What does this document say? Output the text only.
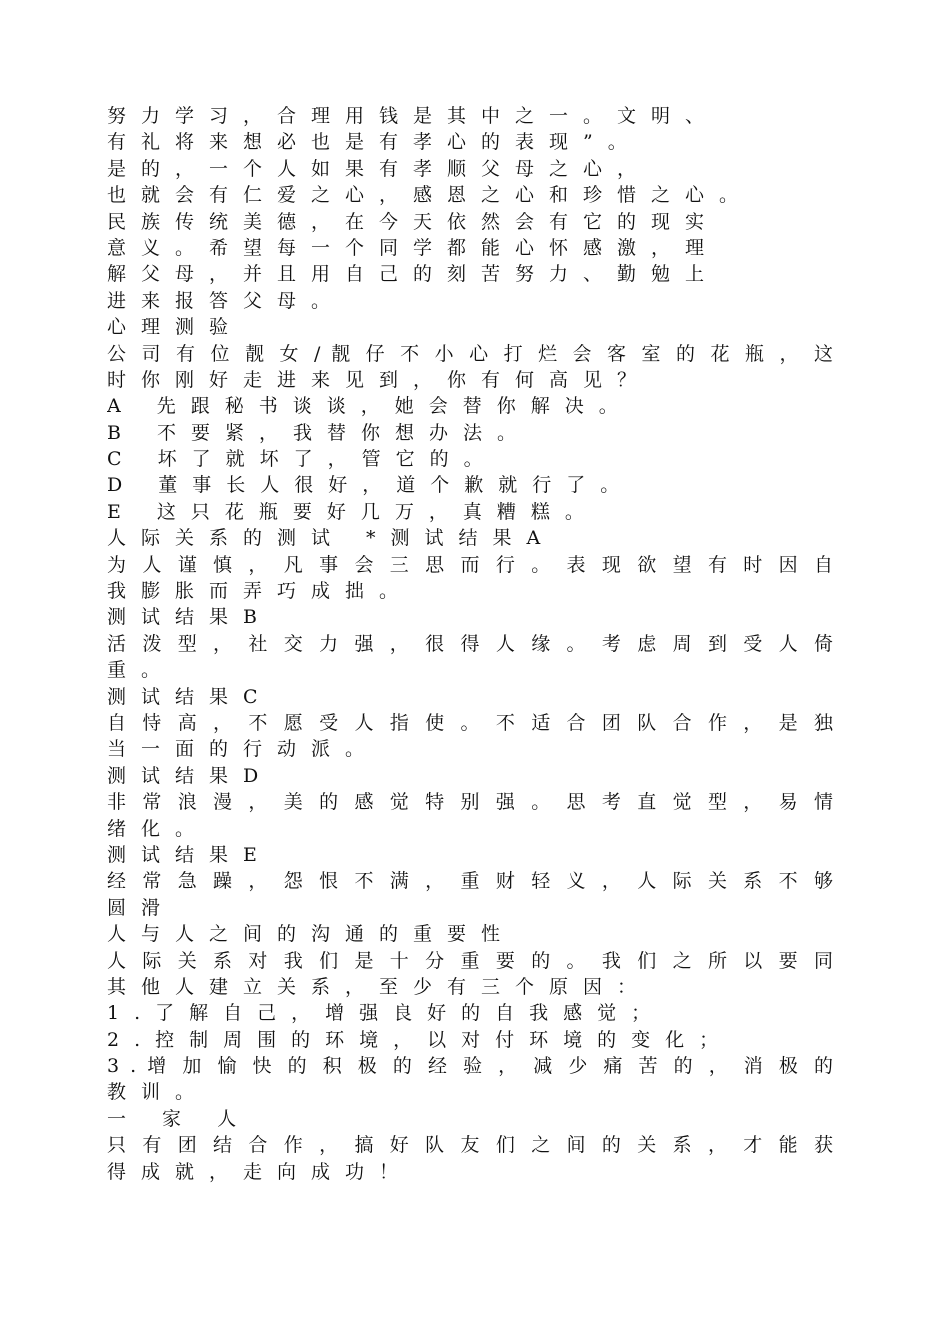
努力学习，合理用钱是其中之一。文明、
有礼将来想必也是有孝心的表现”。
是的，一个人如果有孝顺父母之心，
也就会有仁爱之心，感恩之心和珍惜之心。
民族传统美德，在今天依然会有它的现实
意义。希望每一个同学都能心怀感激，理
解父母，并且用自己的刻苦努力、勤勉上
进来报答父母。
心理测验
公 司 有 位 靓 女 / 靓 仔 不 小 心 打 烂 会 客 室 的 花 瓶 ， 这
时你刚好走进来见到，你有何高见？
A 先跟秘书谈谈，她会替你解决。
B 不要紧，我替你想办法。
C 坏了就坏了，管它的。
D 董事长人很好，道个歉就行了。
E 这只花瓶要好几万，真糟糕。
人际关系的测试 *测试结果A
为 人 谨 慎 ， 凡 事 会 三 思 而 行 。 表 现 欲 望 有 时 因 自
我膨胀而弄巧成拙。
测试结果B
活 泼 型 ， 社 交 力 强 ， 很 得 人 缘 。 考 虑 周 到 受 人 倚
重。
测试结果C
自 恃 高 ， 不 愿 受 人 指 使 。 不 适 合 团 队 合 作 ， 是 独
当一面的行动派。
测试结果D
非 常 浪 漫 ， 美 的 感 觉 特 别 强 。 思 考 直 觉 型 ， 易 情
绪化。
测试结果E
经 常 急 躁 ， 怨 恨 不 满 ， 重 财 轻 义 ， 人 际 关 系 不 够
圆滑
人与人之间的沟通的重要性
人 际 关 系 对 我 们 是 十 分 重 要 的 。 我 们 之 所 以 要 同
其他人建立关系，至少有三个原因：
1.了解自己，增强良好的自我感觉；
2.控制周围的环境，以对付环境的变化；
3 . 增 加 愉 快 的 积 极 的 经 验 ， 减 少 痛 苦 的 ， 消 极 的
教训。
一 家 人
只 有 团 结 合 作 ， 搞 好 队 友 们 之 间 的 关 系 ， 才 能 获
得成就，走向成功！
